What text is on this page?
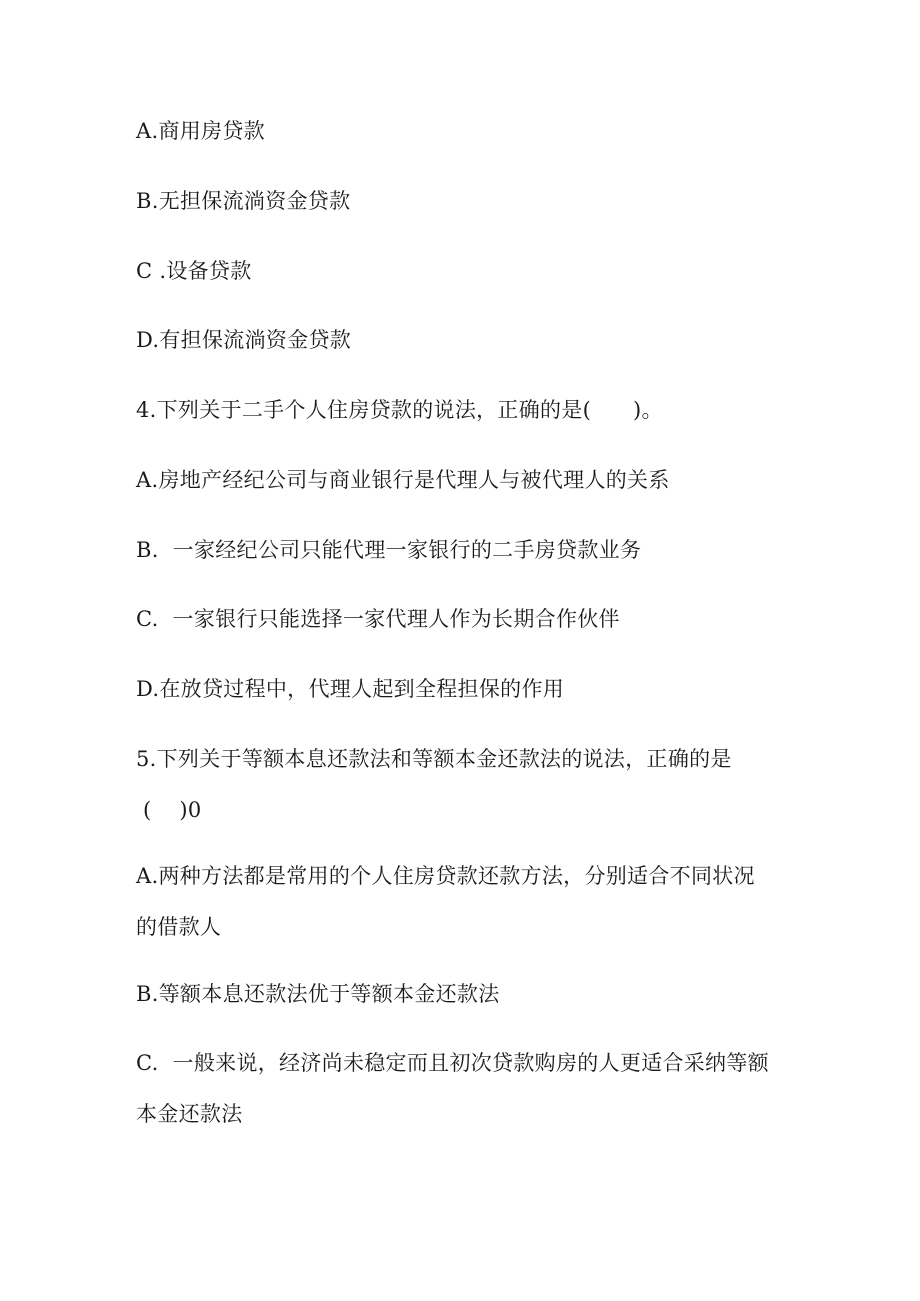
A.商用房贷款
B.无担保流淌资金贷款
C .设备贷款
D.有担保流淌资金贷款
4.下列关于二手个人住房贷款的说法，正确的是(      )。
A.房地产经纪公司与商业银行是代理人与被代理人的关系
B.  一家经纪公司只能代理一家银行的二手房贷款业务
C.  一家银行只能选择一家代理人作为长期合作伙伴
D.在放贷过程中，代理人起到全程担保的作用
5.下列关于等额本息还款法和等额本金还款法的说法，正确的是
(    )0
A.两种方法都是常用的个人住房贷款还款方法，分别适合不同状况
的借款人
B.等额本息还款法优于等额本金还款法
C.  一般来说，经济尚未稳定而且初次贷款购房的人更适合采纳等额
本金还款法
